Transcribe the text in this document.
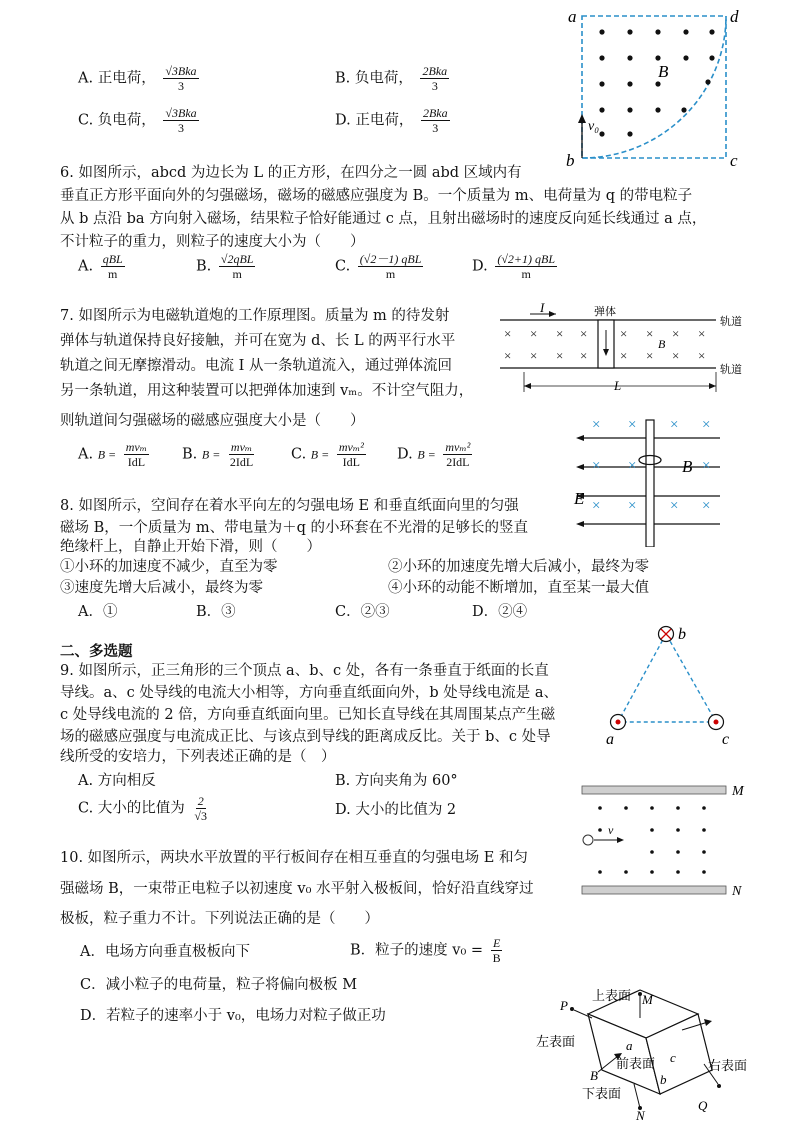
A. 正电荷， $\frac{\text{√3Bka}}{3}$	B. 负电荷， $\frac{\text{2Bka}}{3}$
C. 负电荷， $\frac{\text{√3Bka}}{3}$	D. 正电荷， $\frac{\text{2Bka}}{3}$
a	d
b	c
B
v₀
6. 如图所示，abcd 为边长为 L 的正方形，在四分之一圆 abd 区域内有
垂直正方形平面向外的匀强磁场，磁场的磁感应强度为 B。一个质量为 m、电荷量为 q 的带电粒子
从 b 点沿 ba 方向射入磁场，结果粒子恰好能通过 c 点，且射出磁场时的速度反向延长线通过 a 点，
不计粒子的重力，则粒子的速度大小为（　　）
A. $\frac{\text{qBL}}{m}$	B. $\frac{\text{√2qBL}}{m}$	C. $\frac{\text{(√2－1) qBL}}{m}$	D. $\frac{\text{(√2+1) qBL}}{m}$
7. 如图所示为电磁轨道炮的工作原理图。质量为 m 的待发射
弹体与轨道保持良好接触，并可在宽为 d、长 L 的两平行水平
轨道之间无摩擦滑动。电流 I 从一条轨道流入，通过弹体流回
另一条轨道，用这种装置可以把弹体加速到 vₘ。不计空气阻力，
则轨道间匀强磁场的磁感应强度大小是（　　）
A. $B = \frac{\text{mvₘ}}{\text{IdL}} B$. $B = \frac{\text{mvₘ}}{\text{2IdL}} C$. $B = \frac{\text{mvₘ²}}{\text{IdL}} D$. $B = \frac{\text{mvₘ²}}{\text{2IdL}}$
I	弹体
× × × ×	× × × ×
× × × ×	× × × ×
B
轨道
轨道
L
× × × ×
× ×	×
× × × ×
B
E
8. 如图所示，空间存在着水平向左的匀强电场 E 和垂直纸面向里的匀强
磁场 B，一个质量为 m、带电量为＋q 的小环套在不光滑的足够长的竖直
绝缘杆上，自静止开始下滑，则（　　）
①小环的加速度不减少，直至为零	②小环的加速度先增大后减小，最终为零
③速度先增大后减小，最终为零	④小环的动能不断增加，直至某一最大值
A．①	B．③	C．②③	D．②④
二、多选题
9. 如图所示，正三角形的三个顶点 a、b、c 处，各有一条垂直于纸面的长直
导线。a、c 处导线的电流大小相等，方向垂直纸面向外，b 处导线电流是 a、
c 处导线电流的 2 倍，方向垂直纸面向里。已知长直导线在其周围某点产生磁
场的磁感应强度与电流成正比、与该点到导线的距离成反比。关于 b、c 处导
线所受的安培力，下列表述正确的是（　）
A. 方向相反	B. 方向夹角为 60°
C. 大小的比值为 $\frac{2}{√3}$	D. 大小的比值为 2
b
a	c
M
N
v
10. 如图所示，两块水平放置的平行板间存在相互垂直的匀强电场 E 和匀
强磁场 B，一束带正电粒子以初速度 v₀ 水平射入极板间，恰好沿直线穿过
极板，粒子重力不计。下列说法正确的是（　　）
A．电场方向垂直极板向下	B．粒子的速度 $v_0 = \frac{E}{B}$
C．减小粒子的电荷量，粒子将偏向极板 M
D．若粒子的速率小于 v₀，电场力对粒子做正功
上表面 M
P
左表面	a
前表面 c
b
右表面
B
下表面
N
Q
